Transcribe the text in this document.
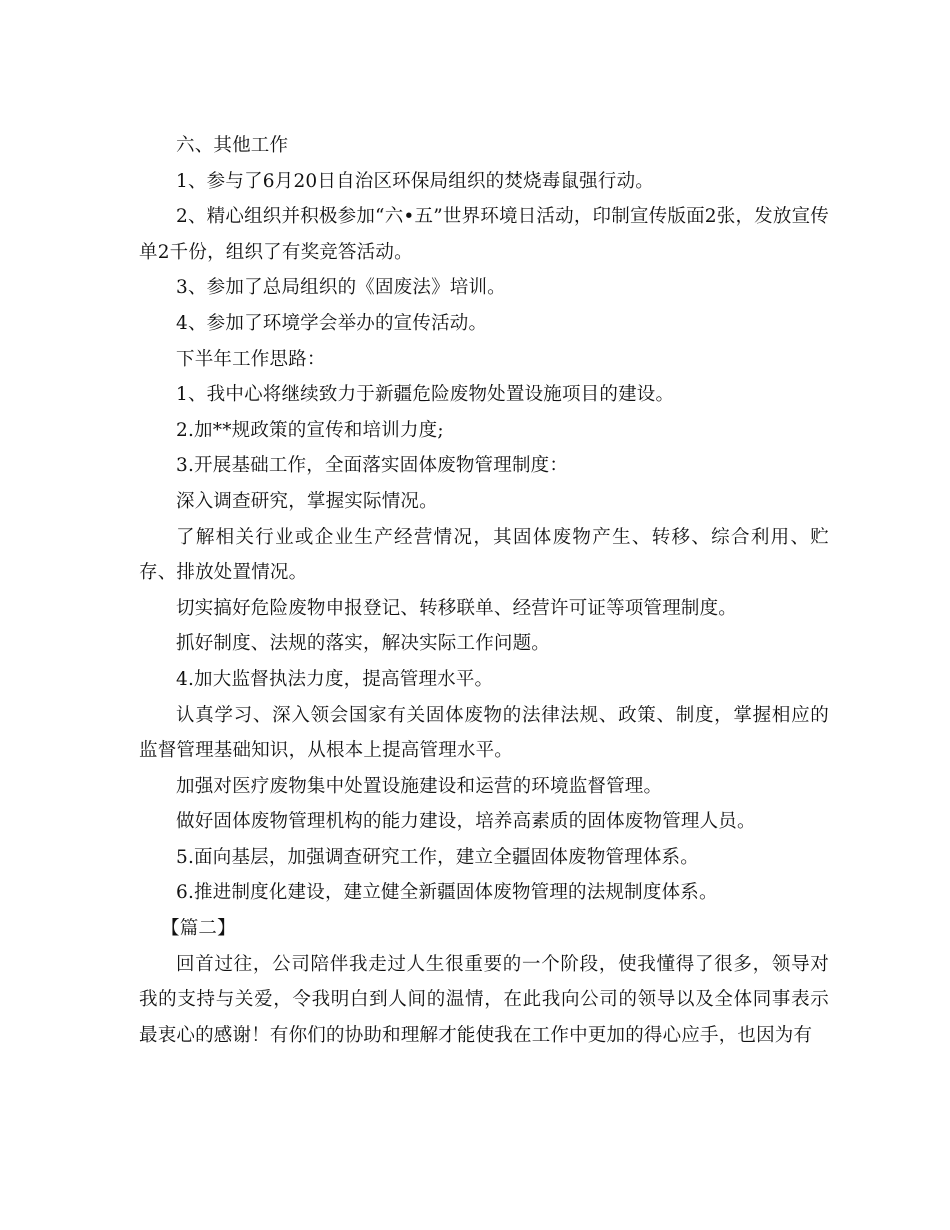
六、其他工作

1、参与了6月20日自治区环保局组织的焚烧毒鼠强行动。

2、精心组织并积极参加“六•五”世界环境日活动，印制宣传版面2张，发放宣传单2千份，组织了有奖竞答活动。

3、参加了总局组织的《固废法》培训。

4、参加了环境学会举办的宣传活动。

下半年工作思路：

1、我中心将继续致力于新疆危险废物处置设施项目的建设。

2.加**规政策的宣传和培训力度;

3.开展基础工作，全面落实固体废物管理制度：

深入调查研究，掌握实际情况。

了解相关行业或企业生产经营情况，其固体废物产生、转移、综合利用、贮存、排放处置情况。

切实搞好危险废物申报登记、转移联单、经营许可证等项管理制度。

抓好制度、法规的落实，解决实际工作问题。

4.加大监督执法力度，提高管理水平。

认真学习、深入领会国家有关固体废物的法律法规、政策、制度，掌握相应的监督管理基础知识，从根本上提高管理水平。

加强对医疗废物集中处置设施建设和运营的环境监督管理。

做好固体废物管理机构的能力建设，培养高素质的固体废物管理人员。

5.面向基层，加强调查研究工作，建立全疆固体废物管理体系。

6.推进制度化建设，建立健全新疆固体废物管理的法规制度体系。

【篇二】

回首过往，公司陪伴我走过人生很重要的一个阶段，使我懂得了很多，领导对我的支持与关爱，令我明白到人间的温情，在此我向公司的领导以及全体同事表示最衷心的感谢！有你们的协助和理解才能使我在工作中更加的得心应手，也因为有
